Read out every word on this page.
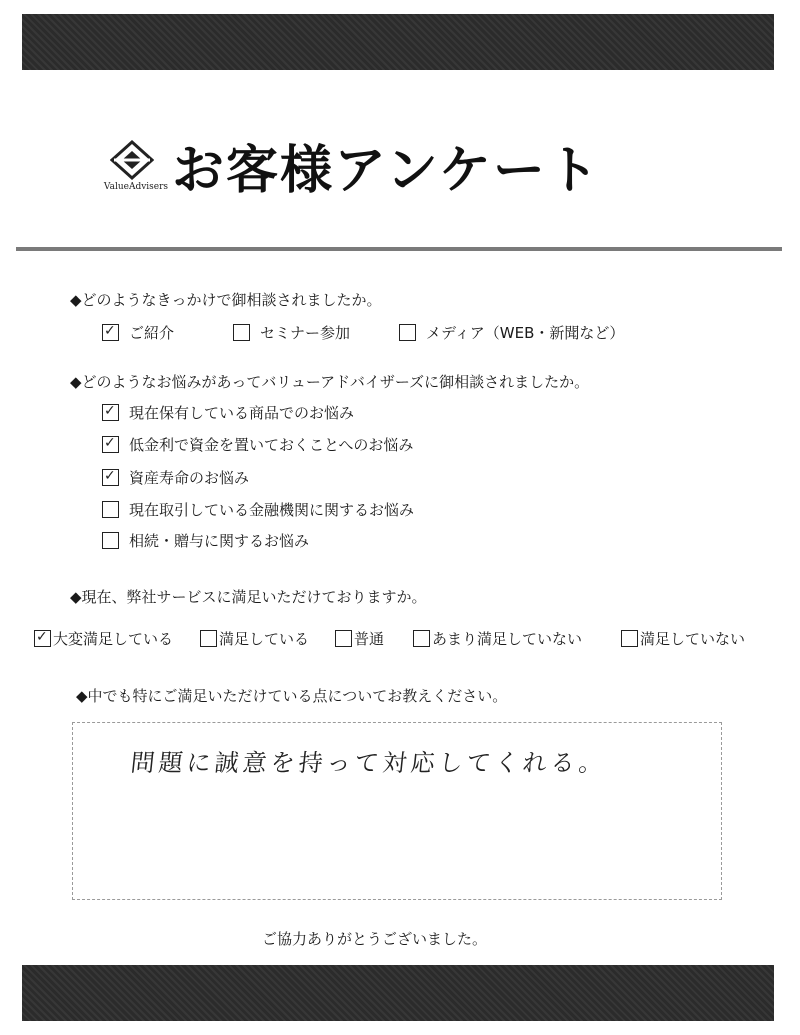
ValueAdvisers お客様アンケート
◆どのようなきっかけで御相談されましたか。
✓ ご紹介	セミナー参加	メディア（WEB・新聞など）
◆どのようなお悩みがあってバリューアドバイザーズに御相談されましたか。
✓ 現在保有している商品でのお悩み
✓ 低金利で資金を置いておくことへのお悩み
✓ 資産寿命のお悩み
現在取引している金融機関に関するお悩み
相続・贈与に関するお悩み
◆現在、弊社サービスに満足いただけておりますか。
✓ 大変満足している	満足している	普通	あまり満足していない	満足していない
◆中でも特にご満足いただけている点についてお教えください。
問題に誠意を持って対応してくれる。
ご協力ありがとうございました。
